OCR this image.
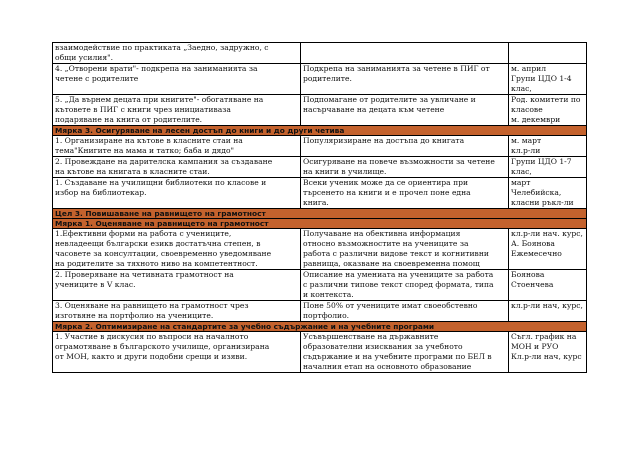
взаимодействие по практиката „Заедно, задружно, с
общи усилия".		

4. „Отворени врати"- подкрепа на заниманията за
четене с родителите	Подкрепа на заниманията за четене в ПИГ от
родителите.	м. април
Групи ЦДО 1-4
клас,

5. „Да върнем децата при книгите"- обогатяване на
кътовете в ПИГ с книги чрез инициативаза
подаряване на книга от родителите.	Подпомагане от родителите за увличане и
насърчаване на децата към четене	Род. комитети по
класове
м. декември

Мярка 3. Осигуряване на лесен достъп до книги и до други четива		

1. Организиране на кътове в класните стаи на
тема"Книгите на мама и татко; баба и дядо"	Популяризиране на достъпа до книгата	м. март
кл.р-ли

2. Провеждане на дарителска кампания за създаване
на кътове на книгата в класните стаи.	Осигуряване на повече възможности за четене
на книги в училище.	Групи ЦДО 1-7
клас,

1. Създаване на училищни библиотеки по класове и
избор на библиотекар.	Всеки ученик може да се ориентира при
търсенето на книги и е прочел поне една
книга.	март
Челебийска,
класни ръкл-ли

Цел 3. Повишаване на равнището на грамотност		
Мярка 1. Оценяване на равнището на грамотност		

1.Ефективни форми на работа с учениците,
невладеещи български езикв достатъчна степен, в
часовете за консултации, своевременно уведомяване
на родителите за тяхното ниво на компетентност.	Получаване на обективна информация
относно възможностите на учениците за
работа с различни видове текст и когнитивни
равнища, оказване на своевременна помощ	кл.р-ли нач. курс,
А. Боянова
Ежемесечно

2. Проверяване на четивната грамотност на
учениците в V клас.	Описание на умениата на учениците за работа
с различни типове текст според формата, типа
и контекста.	Боянова
Стоенчева

3. Оценяване на равнището на грамотност чрез
изготвяне на портфолио на учениците.	Поне 50% от учениците имат своеобстевно
портфолио.	кл.р-ли нач, курс,

Мярка 2. Оптимизиране на стандартите за учебно съдържание и на учебните програми		

1. Участие в дискусия по въпроси на началното
ограмотяване в българското училище, организирана
от МОН, както и други подобни срещи и изяви.	Усъвършенстване на държавните
образователни изисквания за учебното
съдържание и на учебните програми по БЕЛ в
началния етап на основното образование	Съгл. график на
МОН и РУО
Кл.р-ли нач, курс
